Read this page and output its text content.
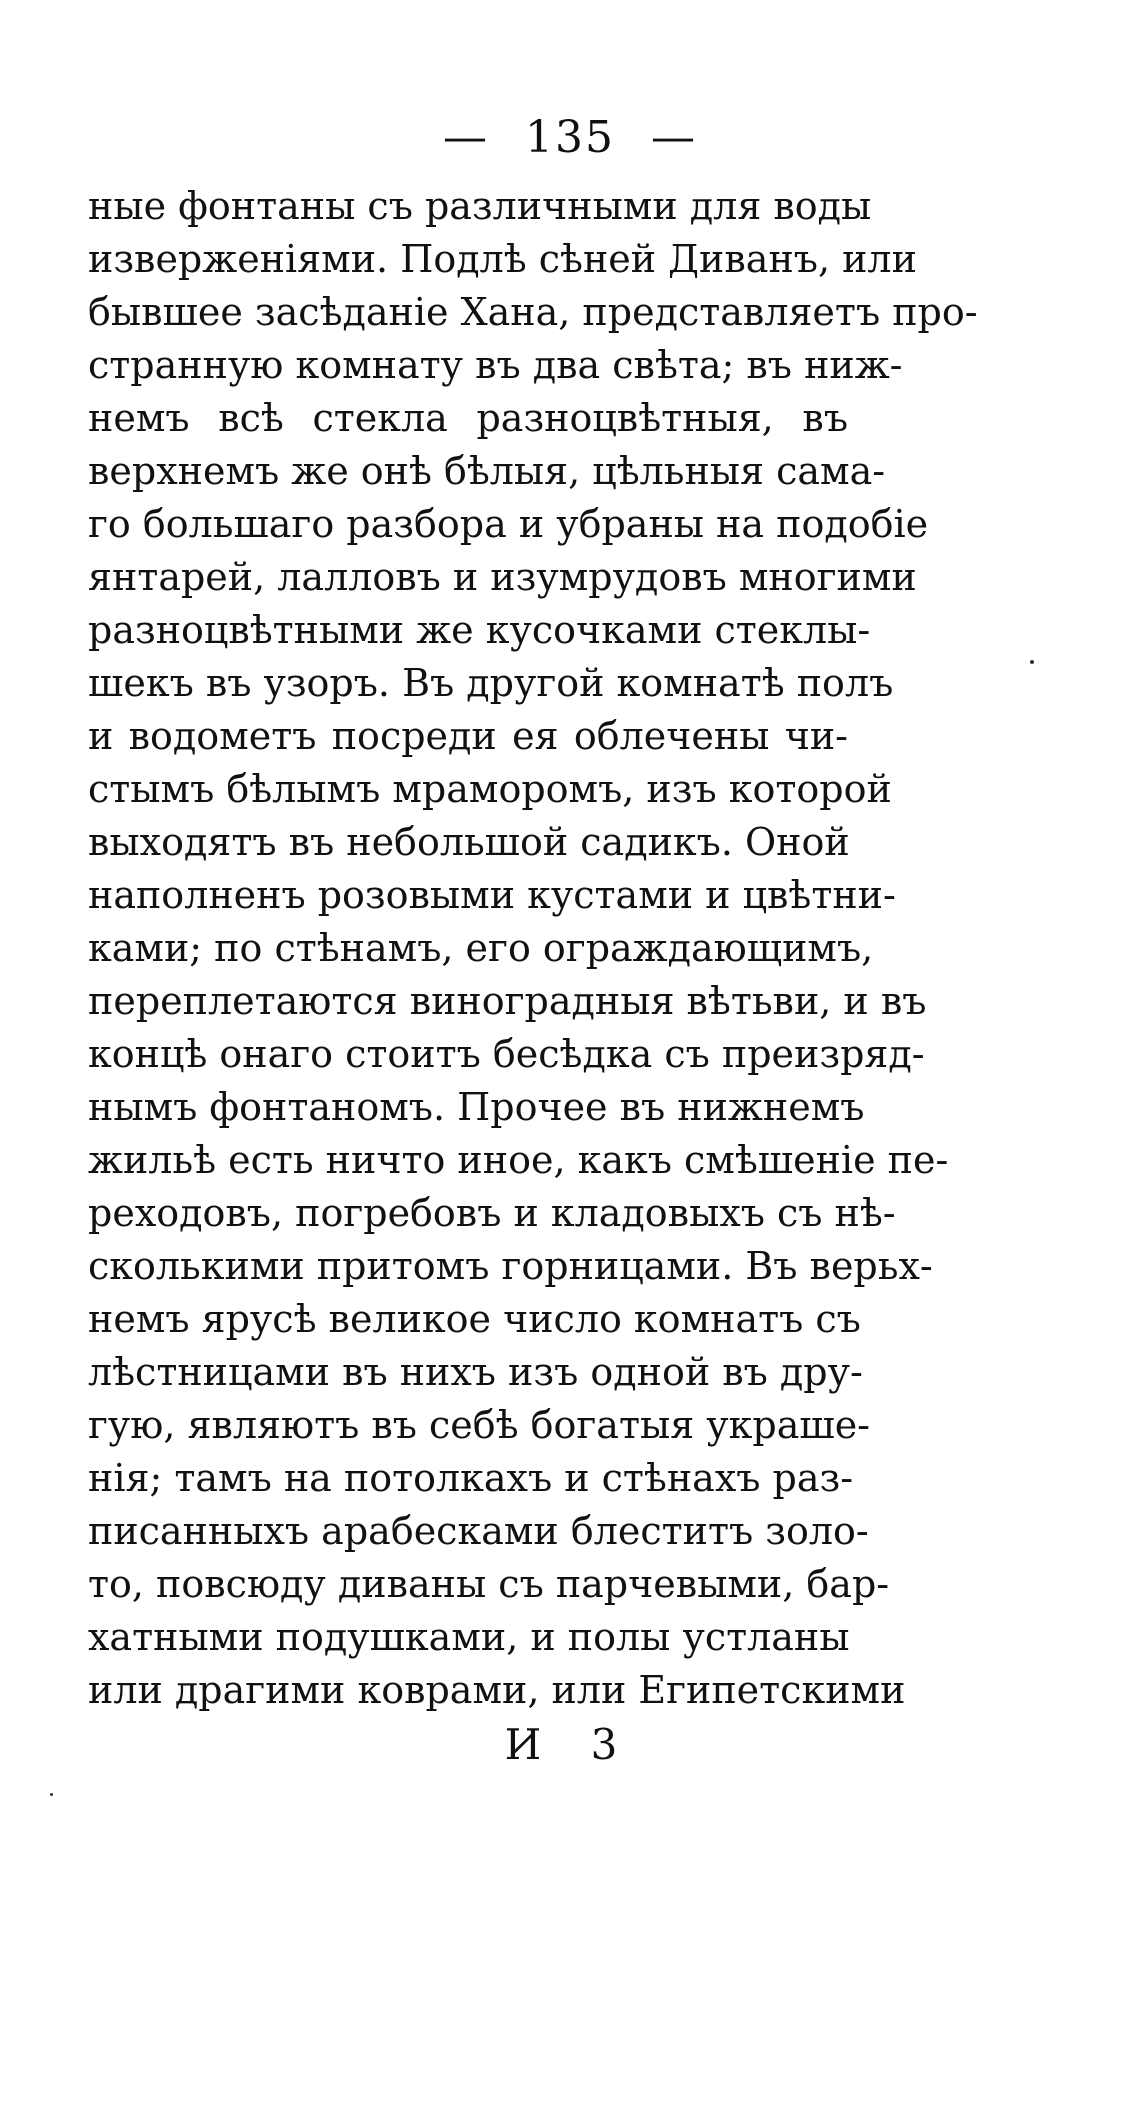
— 135 —
ные фонтаны съ различными для воды
изверженіями. Подлѣ сѣней Диванъ, или
бывшее засѣданіе Хана, представляетъ про-
странную комнату въ два свѣта; въ ниж-
немъ всѣ стекла разноцвѣтныя, въ
верхнемъ же онѣ бѣлыя, цѣльныя сама-
го большаго разбора и убраны на подобіе
янтарей, лалловъ и изумрудовъ многими
разноцвѣтными же кусочками стеклы-
шекъ въ узоръ. Въ другой комнатѣ полъ
и водометъ посреди ея облечены чи-
стымъ бѣлымъ мраморомъ, изъ которой
выходятъ въ небольшой садикъ. Оной
наполненъ розовыми кустами и цвѣтни-
ками; по стѣнамъ, его ограждающимъ,
переплетаются виноградныя вѣтьви, и въ
концѣ онаго стоитъ бесѣдка съ преизряд-
нымъ фонтаномъ. Прочее въ нижнемъ
жильѣ есть ничто иное, какъ смѣшеніе пе-
реходовъ, погребовъ и кладовыхъ съ нѣ-
сколькими притомъ горницами. Въ верьх-
немъ ярусѣ великое число комнатъ съ
лѣстницами въ нихъ изъ одной въ дру-
гую, являютъ въ себѣ богатыя украше-
нія; тамъ на потолкахъ и стѣнахъ раз-
писанныхъ арабесками блеститъ золо-
то, повсюду диваны съ парчевыми, бар-
хатными подушками, и полы устланы
или драгими коврами, или Египетскими
И 3
